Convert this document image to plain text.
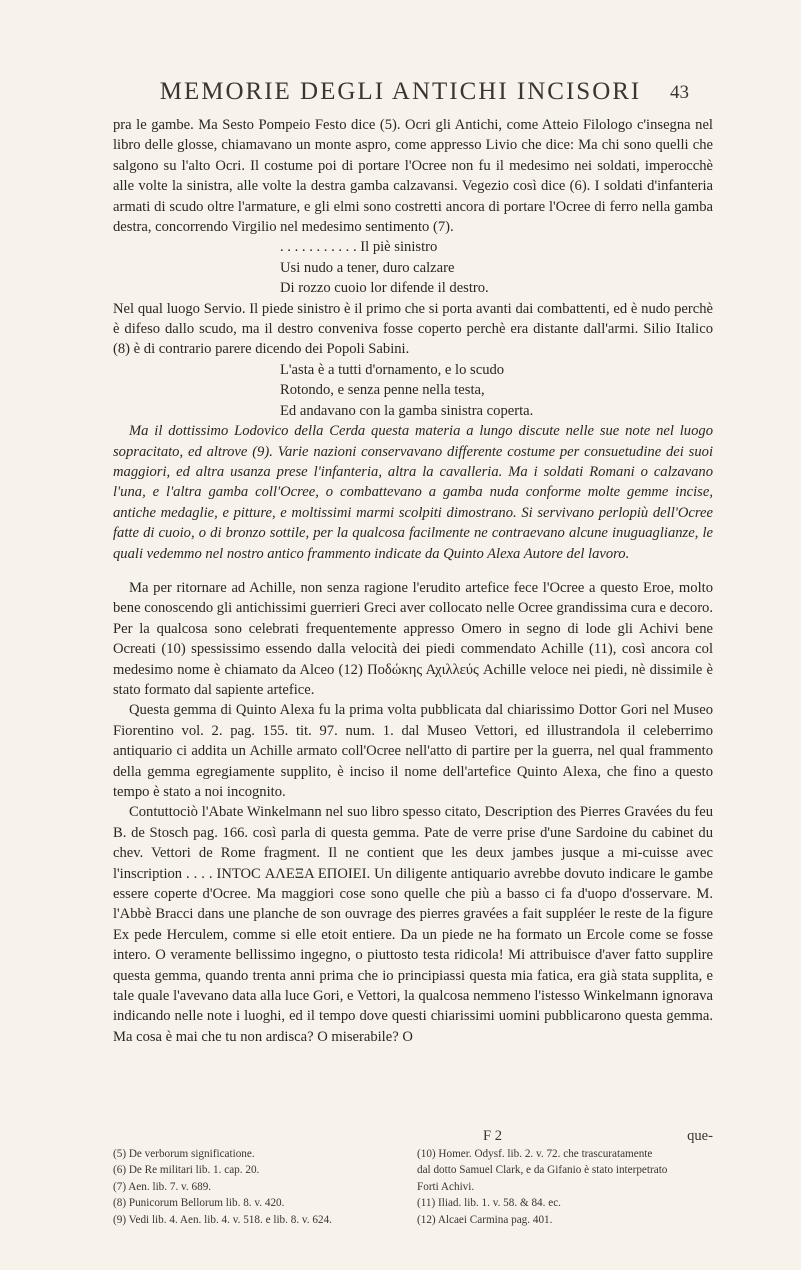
MEMORIE DEGLI ANTICHI INCISORI	43

pra le gambe. Ma Sesto Pompeio Festo dice (5). Ocri gli Antichi, come Atteio Filologo c'insegna nel libro delle glosse, chiamavano un monte aspro, come appresso Livio che dice: Ma chi sono quelli che salgono su l'alto Ocri. Il costume poi di portare l'Ocree non fu il medesimo nei soldati, imperocchè alle volte la sinistra, alle volte la destra gamba calzavansi. Vegezio così dice (6). I soldati d'infanteria armati di scudo oltre l'armature, e gli elmi sono costretti ancora di portare l'Ocree di ferro nella gamba destra, concorrendo Virgilio nel medesimo sentimento (7).

. . . . . . . . . . . Il piè sinistro
Usi nudo a tener, duro calzare
Di rozzo cuoio lor difende il destro.

Nel qual luogo Servio. Il piede sinistro è il primo che si porta avanti dai combattenti, ed è nudo perchè è difeso dallo scudo, ma il destro conveniva fosse coperto perchè era distante dall'armi. Silio Italico (8) è di contrario parere dicendo dei Popoli Sabini.

L'asta è a tutti d'ornamento, e lo scudo
Rotondo, e senza penne nella testa,
Ed andavano con la gamba sinistra coperta.

Ma il dottissimo Lodovico della Cerda questa materia a lungo discute nelle sue note nel luogo sopracitato, ed altrove (9). Varie nazioni conservavano differente costume per consuetudine dei suoi maggiori, ed altra usanza prese l'infanteria, altra la cavalleria. Ma i soldati Romani o calzavano l'una, e l'altra gamba coll'Ocree, o combattevano a gamba nuda conforme molte gemme incise, antiche medaglie, e pitture, e moltissimi marmi scolpiti dimostrano. Si servivano perlopiù dell'Ocree fatte di cuoio, o di bronzo sottile, per la qualcosa facilmente ne contraevano alcune inuguaglianze, le quali vedemmo nel nostro antico frammento indicate da Quinto Alexa Autore del lavoro.

Ma per ritornare ad Achille, non senza ragione l'erudito artefice fece l'Ocree a questo Eroe, molto bene conoscendo gli antichissimi guerrieri Greci aver collocato nelle Ocree grandissima cura e decoro. Per la qualcosa sono celebrati frequentemente appresso Omero in segno di lode gli Achivi bene Ocreati (10) spessissimo essendo dalla velocità dei piedi commendato Achille (11), così ancora col medesimo nome è chiamato da Alceo (12) Ποδώκης Αχιλλεύς Achille veloce nei piedi, nè dissimile è stato formato dal sapiente artefice.

Questa gemma di Quinto Alexa fu la prima volta pubblicata dal chiarissimo Dottor Gori nel Museo Fiorentino vol. 2. pag. 155. tit. 97. num. 1. dal Museo Vettori, ed illustrandola il celeberrimo antiquario ci addita un Achille armato coll'Ocree nell'atto di partire per la guerra, nel qual frammento della gemma egregiamente supplito, è inciso il nome dell'artefice Quinto Alexa, che fino a questo tempo è stato a noi incognito.

Contuttociò l'Abate Winkelmann nel suo libro spesso citato, Description des Pierres Gravées du feu B. de Stosch pag. 166. così parla di questa gemma. Pate de verre prise d'une Sardoine du cabinet du chev. Vettori de Rome fragment. Il ne contient que les deux jambes jusque a mi-cuisse avec l'inscription . . . . INTOC ΑΛΕΞΑ ΕΠΟΙΕΙ. Un diligente antiquario avrebbe dovuto indicare le gambe essere coperte d'Ocree. Ma maggiori cose sono quelle che più a basso ci fa d'uopo d'osservare. M. l'Abbè Bracci dans une planche de son ouvrage des pierres gravées a fait suppléer le reste de la figure Ex pede Herculem, comme si elle etoit entiere. Da un piede ne ha formato un Ercole come se fosse intero. O veramente bellissimo ingegno, o piuttosto testa ridicola! Mi attribuisce d'aver fatto supplire questa gemma, quando trenta anni prima che io principiassi questa mia fatica, era già stata supplita, e tale quale l'avevano data alla luce Gori, e Vettori, la qualcosa nemmeno l'istesso Winkelmann ignorava indicando nelle note i luoghi, ed il tempo dove questi chiarissimi uomini pubblicarono questa gemma. Ma cosa è mai che tu non ardisca? O miserabile? O

F 2	que-
(5) De verborum significatione.
(6) De Re militari lib. 1. cap. 20.
(7) Aen. lib. 7. v. 689.
(8) Punicorum Bellorum lib. 8. v. 420.
(9) Vedi lib. 4. Aen. lib. 4. v. 518. e lib. 8. v. 624.
(10) Homer. Odysf. lib. 2. v. 72. che trascuratamente
dal dotto Samuel Clark, e da Gifanio è stato interpetrato
Forti Achivi.
(11) Iliad. lib. 1. v. 58. & 84. ec.
(12) Alcaei Carmina pag. 401.
